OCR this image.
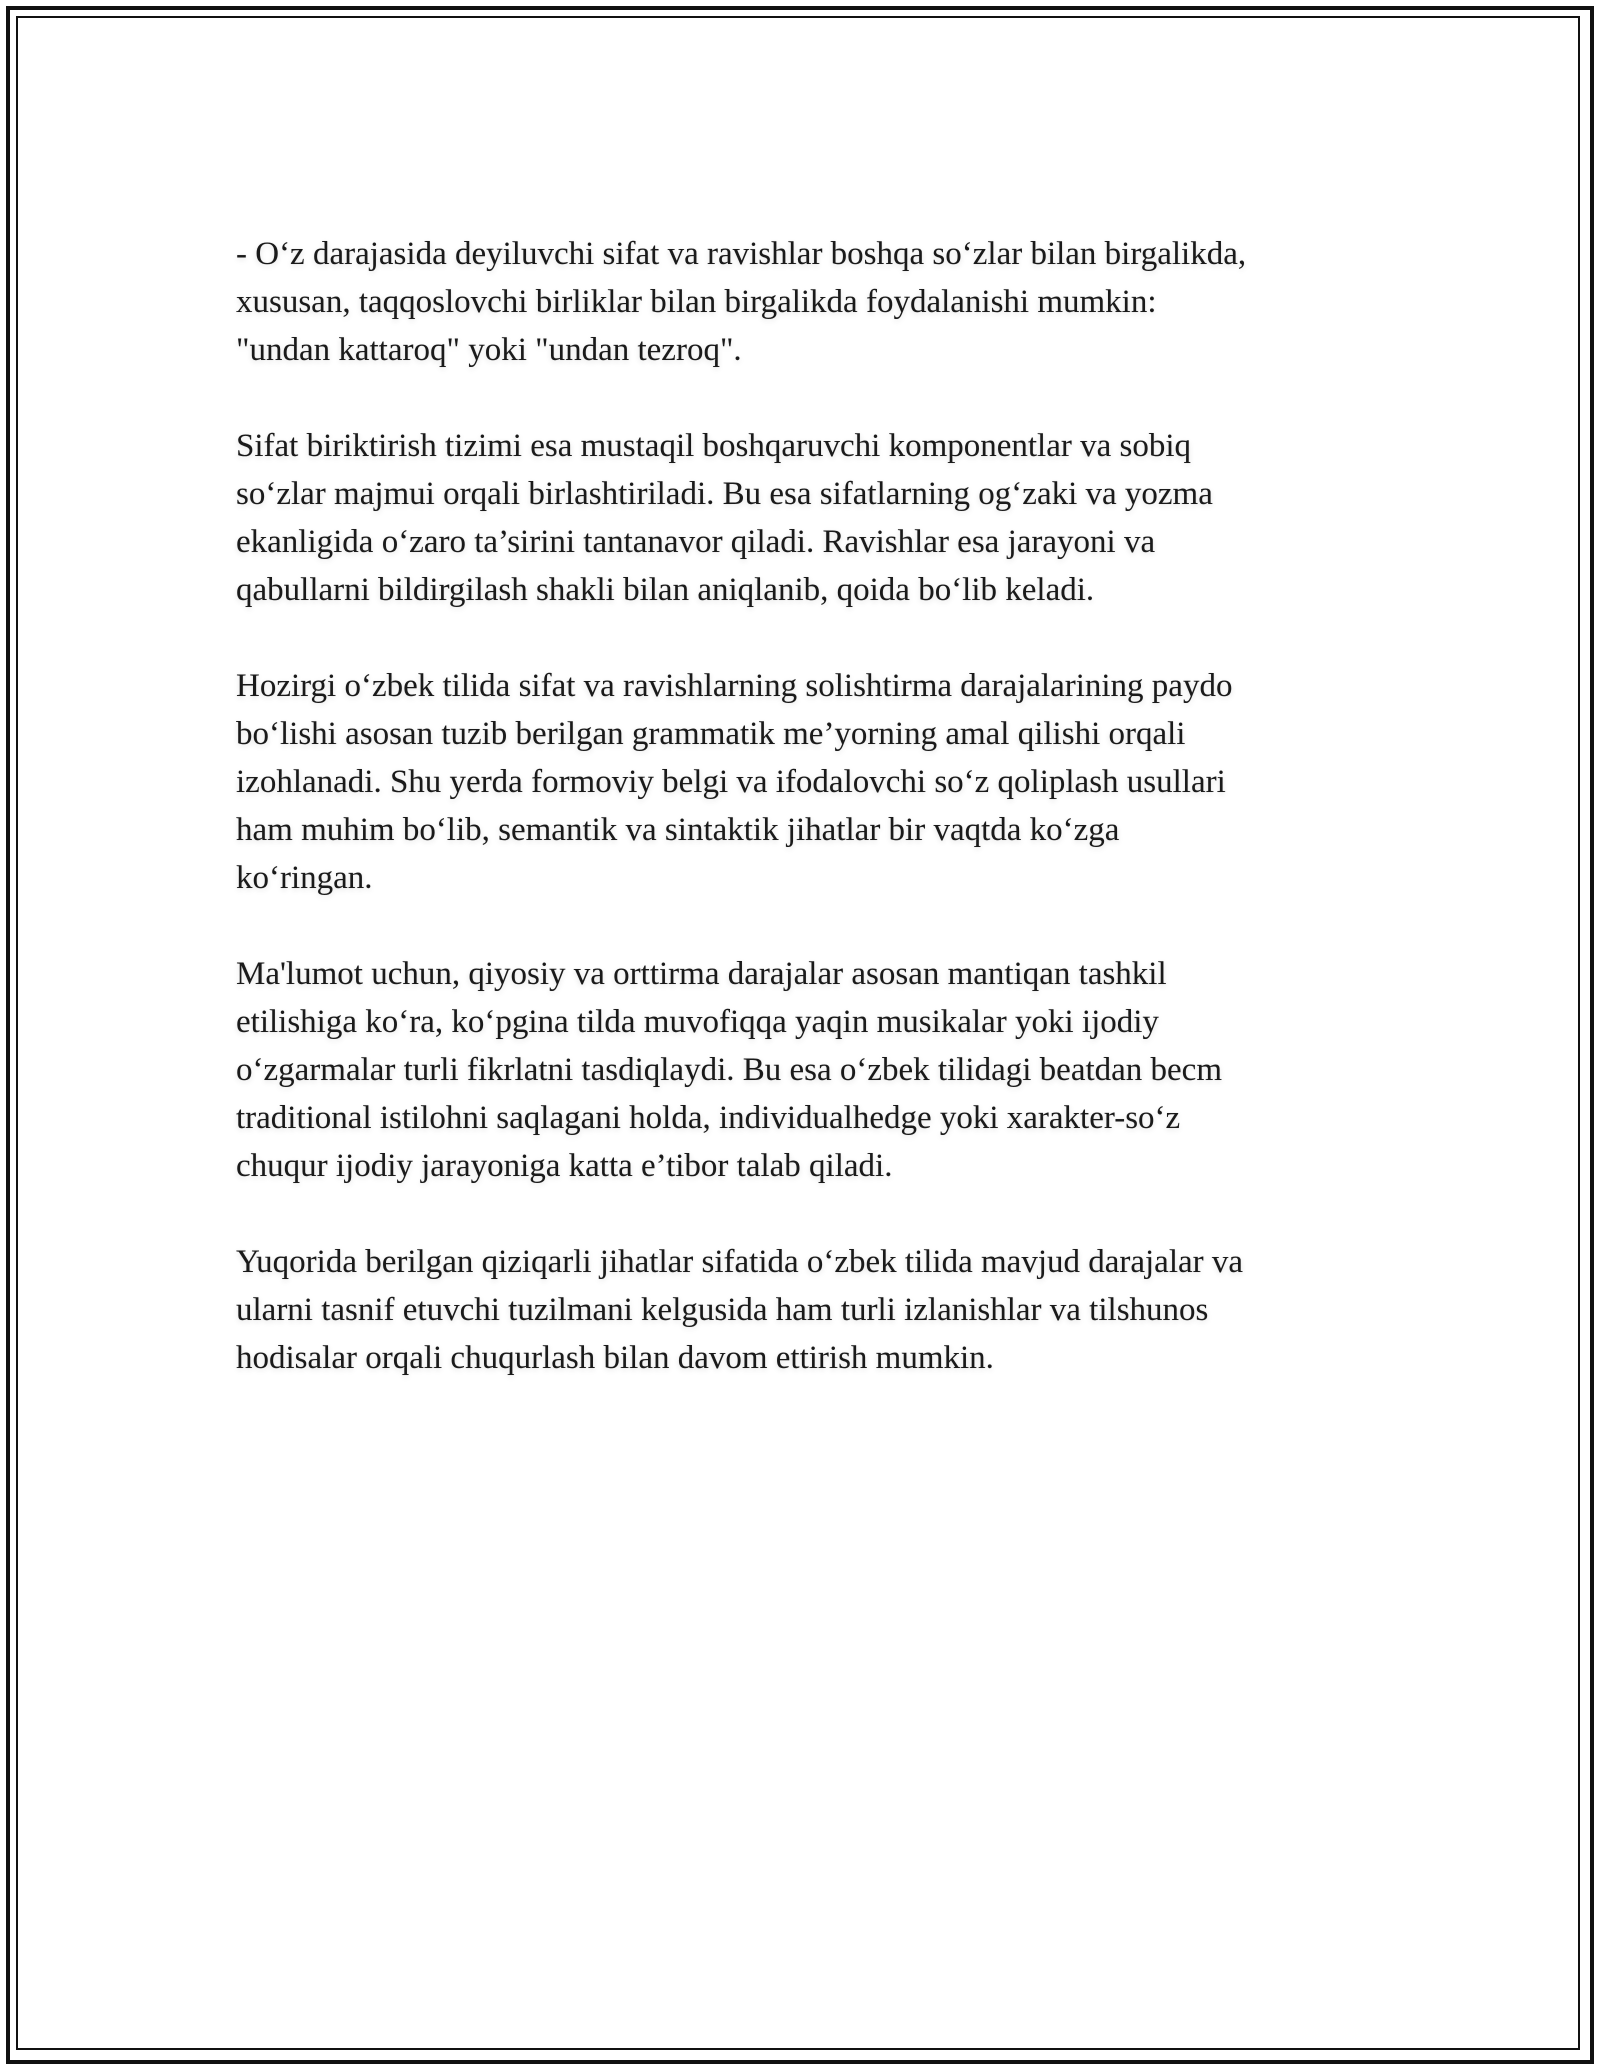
- O‘z darajasida deyiluvchi sifat va ravishlar boshqa so‘zlar bilan birgalikda,
xususan, taqqoslovchi birliklar bilan birgalikda foydalanishi mumkin:
"undan kattaroq" yoki "undan tezroq".

Sifat biriktirish tizimi esa mustaqil boshqaruvchi komponentlar va sobiq
so‘zlar majmui orqali birlashtiriladi. Bu esa sifatlarning og‘zaki va yozma
ekanligida o‘zaro ta’sirini tantanavor qiladi. Ravishlar esa jarayoni va
qabullarni bildirgilash shakli bilan aniqlanib, qoida bo‘lib keladi.

Hozirgi o‘zbek tilida sifat va ravishlarning solishtirma darajalarining paydo
bo‘lishi asosan tuzib berilgan grammatik me’yorning amal qilishi orqali
izohlanadi. Shu yerda formoviy belgi va ifodalovchi so‘z qoliplash usullari
ham muhim bo‘lib, semantik va sintaktik jihatlar bir vaqtda ko‘zga
ko‘ringan.

Ma'lumot uchun, qiyosiy va orttirma darajalar asosan mantiqan tashkil
etilishiga ko‘ra, ko‘pgina tilda muvofiqqa yaqin musikalar yoki ijodiy
o‘zgarmalar turli fikrlatni tasdiqlaydi. Bu esa o‘zbek tilidagi beatdan becm
traditional istilohni saqlagani holda, individualhedge yoki xarakter-so‘z
chuqur ijodiy jarayoniga katta e’tibor talab qiladi.

Yuqorida berilgan qiziqarli jihatlar sifatida o‘zbek tilida mavjud darajalar va
ularni tasnif etuvchi tuzilmani kelgusida ham turli izlanishlar va tilshunos
hodisalar orqali chuqurlash bilan davom ettirish mumkin.
